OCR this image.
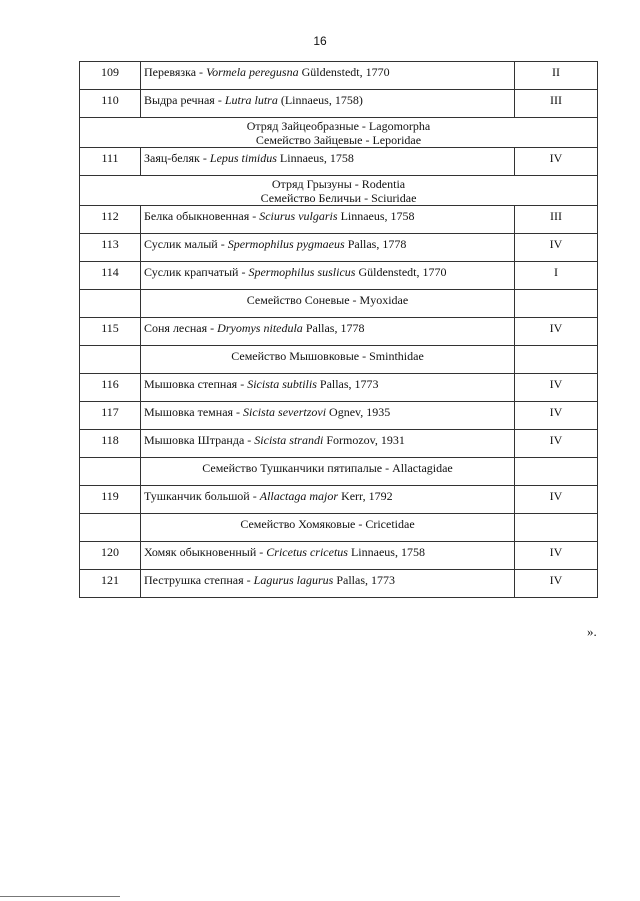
16
109	Перевязка - Vormela peregusna Güldenstedt, 1770	II

110	Выдра речная - Lutra lutra (Linnaeus, 1758)	III

Отряд Зайцеобразные - Lagomorpha
Семейство Зайцевые - Leporidae		

111	Заяц-беляк - Lepus timidus Linnaeus, 1758	IV

Отряд Грызуны - Rodentia
Семейство Беличьи - Sciuridae		

112	Белка обыкновенная - Sciurus vulgaris Linnaeus, 1758	III

113	Суслик малый - Spermophilus pygmaeus Pallas, 1778	IV

114	Суслик крапчатый - Spermophilus suslicus Güldenstedt, 1770	I

	Семейство Соневые - Myoxidae	

115	Соня лесная - Dryomys nitedula Pallas, 1778	IV

	Семейство Мышовковые - Sminthidae	

116	Мышовка степная - Sicista subtilis Pallas, 1773	IV

117	Мышовка темная - Sicista severtzovi Ognev, 1935	IV

118	Мышовка Штранда - Sicista strandi Formozov, 1931	IV

	Семейство Тушканчики пятипалые - Allactagidae	

119	Тушканчик большой - Allactaga major Kerr, 1792	IV

	Семейство Хомяковые - Cricetidae	

120	Хомяк обыкновенный - Cricetus cricetus Linnaeus, 1758	IV

121	Пеструшка степная - Lagurus lagurus Pallas, 1773	IV
».
